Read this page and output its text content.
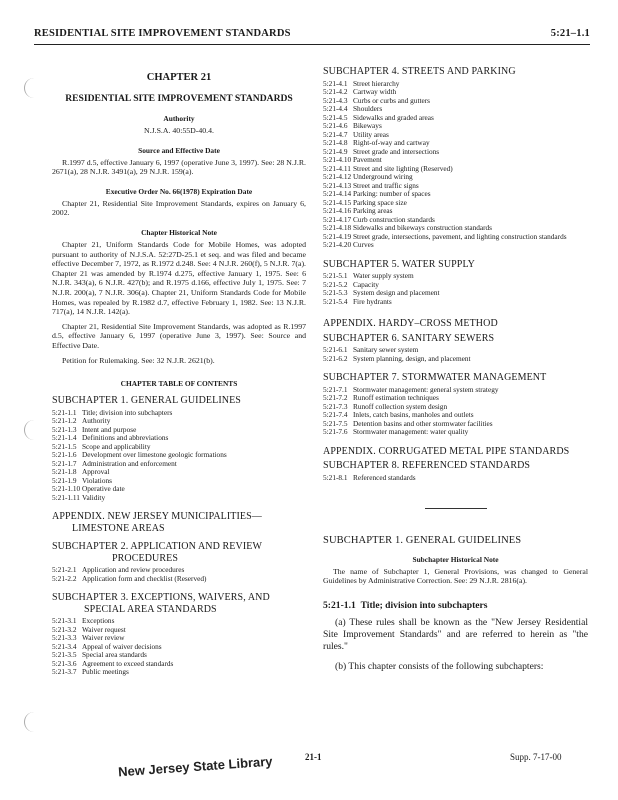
RESIDENTIAL SITE IMPROVEMENT STANDARDS	5:21–1.1
CHAPTER 21
RESIDENTIAL SITE IMPROVEMENT STANDARDS
Authority
N.J.S.A. 40:55D-40.4.
Source and Effective Date
R.1997 d.5, effective January 6, 1997 (operative June 3, 1997). See: 28 N.J.R. 2671(a), 28 N.J.R. 3491(a), 29 N.J.R. 159(a).
Executive Order No. 66(1978) Expiration Date
Chapter 21, Residential Site Improvement Standards, expires on January 6, 2002.
Chapter Historical Note
Chapter 21, Uniform Standards Code for Mobile Homes, was adopted pursuant to authority of N.J.S.A. 52:27D-25.1 et seq. and was filed and became effective December 7, 1972, as R.1972 d.248. See: 4 N.J.R. 260(f), 5 N.J.R. 7(a). Chapter 21 was amended by R.1974 d.275, effective January 1, 1975. See: 6 N.J.R. 343(a), 6 N.J.R. 427(b); and R.1975 d.166, effective July 1, 1975. See: 7 N.J.R. 200(a), 7 N.J.R. 306(a). Chapter 21, Uniform Standards Code for Mobile Homes, was repealed by R.1982 d.7, effective February 1, 1982. See: 13 N.J.R. 717(a), 14 N.J.R. 142(a).
Chapter 21, Residential Site Improvement Standards, was adopted as R.1997 d.5, effective January 6, 1997 (operative June 3, 1997). See: Source and Effective Date.
Petition for Rulemaking. See: 32 N.J.R. 2621(b).
CHAPTER TABLE OF CONTENTS
SUBCHAPTER 1. GENERAL GUIDELINES
5:21-1.1 Title; division into subchapters
5:21-1.2 Authority
5:21-1.3 Intent and purpose
5:21-1.4 Definitions and abbreviations
5:21-1.5 Scope and applicability
5:21-1.6 Development over limestone geologic formations
5:21-1.7 Administration and enforcement
5:21-1.8 Approval
5:21-1.9 Violations
5:21-1.10 Operative date
5:21-1.11 Validity
APPENDIX. NEW JERSEY MUNICIPALITIES—
LIMESTONE AREAS
SUBCHAPTER 2. APPLICATION AND REVIEW
PROCEDURES
5:21-2.1 Application and review procedures
5:21-2.2 Application form and checklist (Reserved)
SUBCHAPTER 3. EXCEPTIONS, WAIVERS, AND
SPECIAL AREA STANDARDS
5:21-3.1 Exceptions
5:21-3.2 Waiver request
5:21-3.3 Waiver review
5:21-3.4 Appeal of waiver decisions
5:21-3.5 Special area standards
5:21-3.6 Agreement to exceed standards
5:21-3.7 Public meetings
SUBCHAPTER 4. STREETS AND PARKING
5:21-4.1 Street hierarchy
5:21-4.2 Cartway width
5:21-4.3 Curbs or curbs and gutters
5:21-4.4 Shoulders
5:21-4.5 Sidewalks and graded areas
5:21-4.6 Bikeways
5:21-4.7 Utility areas
5:21-4.8 Right-of-way and cartway
5:21-4.9 Street grade and intersections
5:21-4.10 Pavement
5:21-4.11 Street and site lighting (Reserved)
5:21-4.12 Underground wiring
5:21-4.13 Street and traffic signs
5:21-4.14 Parking: number of spaces
5:21-4.15 Parking space size
5:21-4.16 Parking areas
5:21-4.17 Curb construction standards
5:21-4.18 Sidewalks and bikeways construction standards
5:21-4.19 Street grade, intersections, pavement, and lighting construction standards
5:21-4.20 Curves
SUBCHAPTER 5. WATER SUPPLY
5:21-5.1 Water supply system
5:21-5.2 Capacity
5:21-5.3 System design and placement
5:21-5.4 Fire hydrants
APPENDIX. HARDY–CROSS METHOD
SUBCHAPTER 6. SANITARY SEWERS
5:21-6.1 Sanitary sewer system
5:21-6.2 System planning, design, and placement
SUBCHAPTER 7. STORMWATER MANAGEMENT
5:21-7.1 Stormwater management: general system strategy
5:21-7.2 Runoff estimation techniques
5:21-7.3 Runoff collection system design
5:21-7.4 Inlets, catch basins, manholes and outlets
5:21-7.5 Detention basins and other stormwater facilities
5:21-7.6 Stormwater management: water quality
APPENDIX. CORRUGATED METAL PIPE STANDARDS
SUBCHAPTER 8. REFERENCED STANDARDS
5:21-8.1 Referenced standards
SUBCHAPTER 1. GENERAL GUIDELINES
Subchapter Historical Note
The name of Subchapter 1, General Provisions, was changed to General Guidelines by Administrative Correction. See: 29 N.J.R. 2816(a).
5:21-1.1 Title; division into subchapters
(a) These rules shall be known as the "New Jersey Residential Site Improvement Standards" and are referred to herein as "the rules."
(b) This chapter consists of the following subchapters:
21-1	Supp. 7-17-00
New Jersey State Library
